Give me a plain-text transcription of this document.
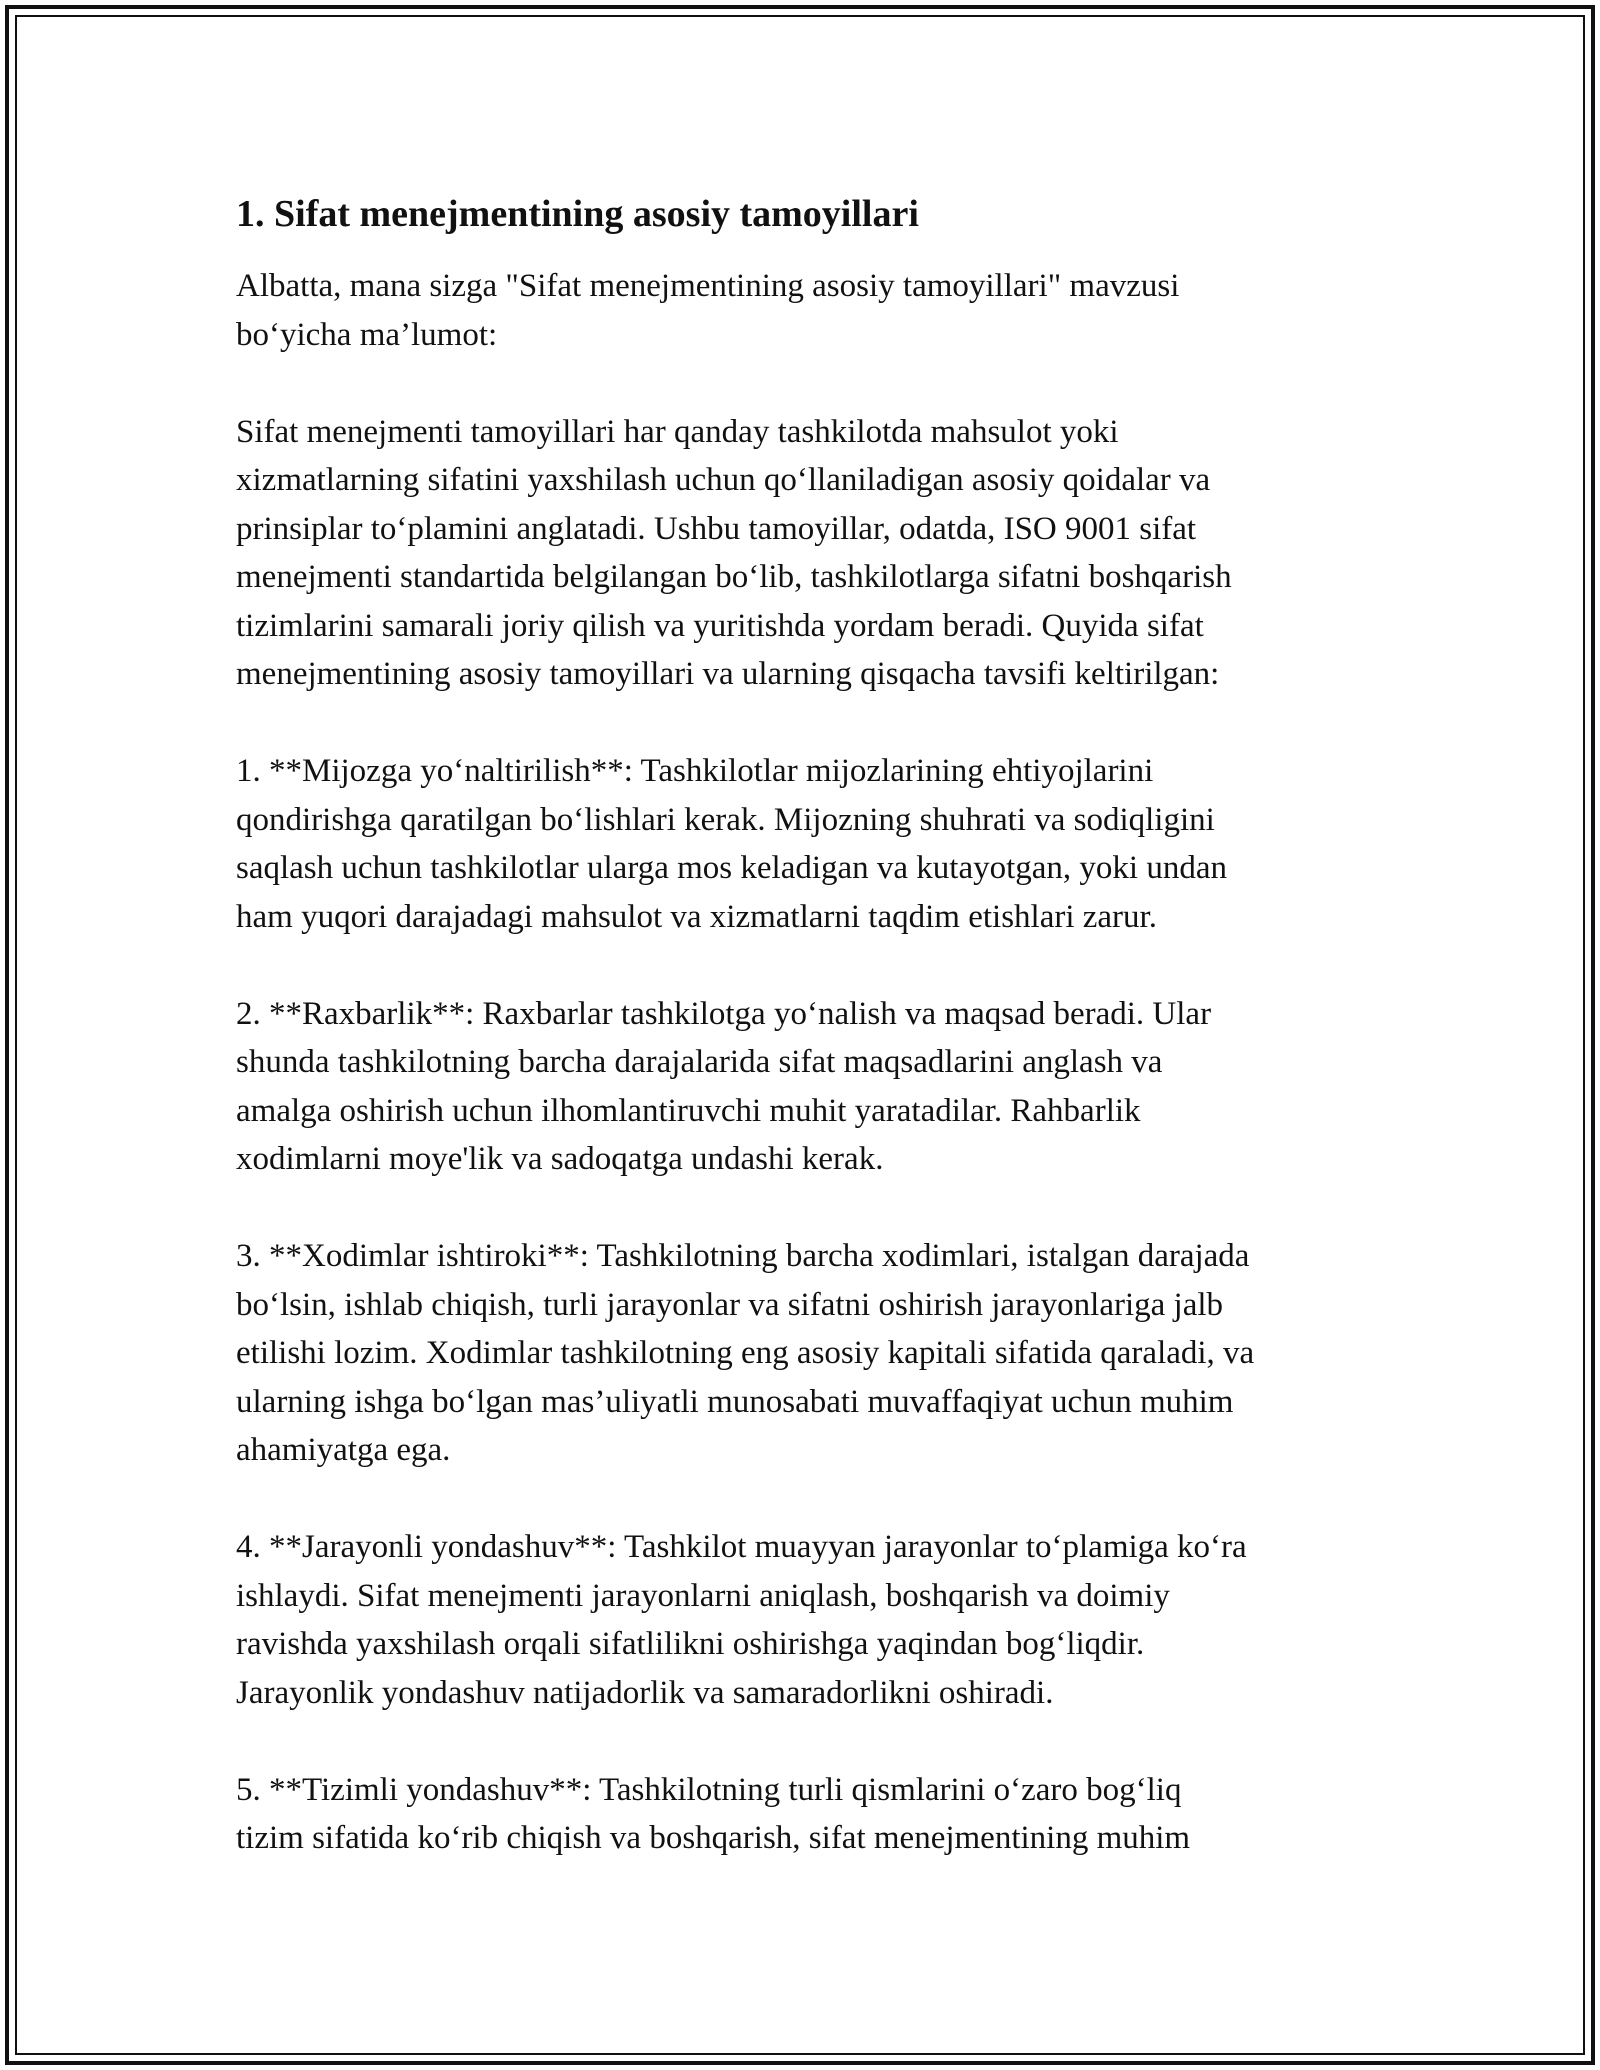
1. Sifat menejmentining asosiy tamoyillari
Albatta, mana sizga "Sifat menejmentining asosiy tamoyillari" mavzusi
bo‘yicha ma’lumot:
Sifat menejmenti tamoyillari har qanday tashkilotda mahsulot yoki
xizmatlarning sifatini yaxshilash uchun qo‘llaniladigan asosiy qoidalar va
prinsiplar to‘plamini anglatadi. Ushbu tamoyillar, odatda, ISO 9001 sifat
menejmenti standartida belgilangan bo‘lib, tashkilotlarga sifatni boshqarish
tizimlarini samarali joriy qilish va yuritishda yordam beradi. Quyida sifat
menejmentining asosiy tamoyillari va ularning qisqacha tavsifi keltirilgan:
1. **Mijozga yo‘naltirilish**: Tashkilotlar mijozlarining ehtiyojlarini
qondirishga qaratilgan bo‘lishlari kerak. Mijozning shuhrati va sodiqligini
saqlash uchun tashkilotlar ularga mos keladigan va kutayotgan, yoki undan
ham yuqori darajadagi mahsulot va xizmatlarni taqdim etishlari zarur.
2. **Raxbarlik**: Raxbarlar tashkilotga yo‘nalish va maqsad beradi. Ular
shunda tashkilotning barcha darajalarida sifat maqsadlarini anglash va
amalga oshirish uchun ilhomlantiruvchi muhit yaratadilar. Rahbarlik
xodimlarni moye'lik va sadoqatga undashi kerak.
3. **Xodimlar ishtiroki**: Tashkilotning barcha xodimlari, istalgan darajada
bo‘lsin, ishlab chiqish, turli jarayonlar va sifatni oshirish jarayonlariga jalb
etilishi lozim. Xodimlar tashkilotning eng asosiy kapitali sifatida qaraladi, va
ularning ishga bo‘lgan mas’uliyatli munosabati muvaffaqiyat uchun muhim
ahamiyatga ega.
4. **Jarayonli yondashuv**: Tashkilot muayyan jarayonlar to‘plamiga ko‘ra
ishlaydi. Sifat menejmenti jarayonlarni aniqlash, boshqarish va doimiy
ravishda yaxshilash orqali sifatlilikni oshirishga yaqindan bog‘liqdir.
Jarayonlik yondashuv natijadorlik va samaradorlikni oshiradi.
5. **Tizimli yondashuv**: Tashkilotning turli qismlarini o‘zaro bog‘liq
tizim sifatida ko‘rib chiqish va boshqarish, sifat menejmentining muhim
